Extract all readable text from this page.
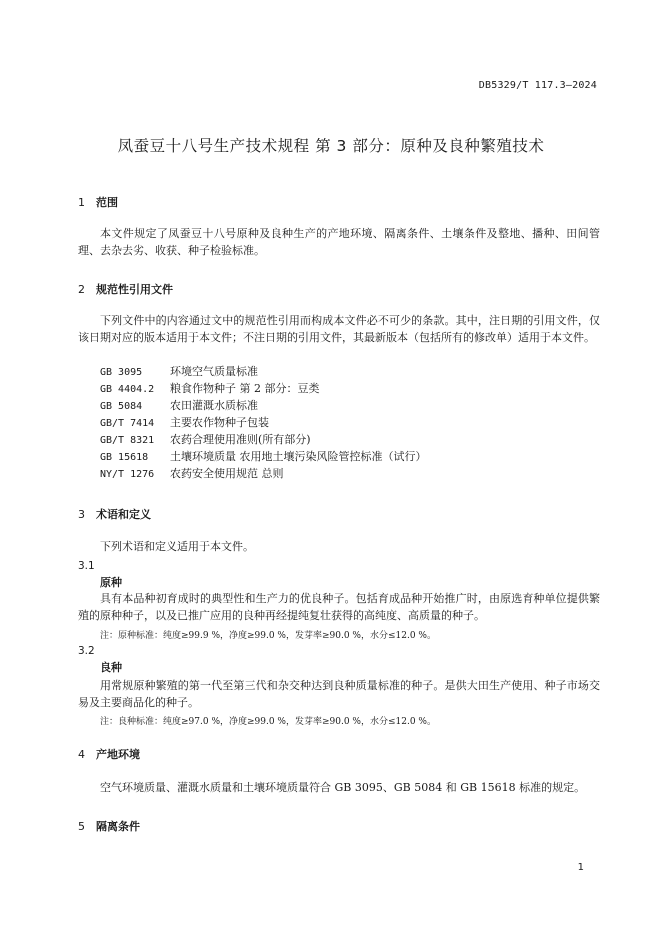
DB5329/T 117.3—2024
凤蚕豆十八号生产技术规程 第 3 部分：原种及良种繁殖技术
1 范围
本文件规定了凤蚕豆十八号原种及良种生产的产地环境、隔离条件、土壤条件及整地、播种、田间管理、去杂去劣、收获、种子检验标准。
2 规范性引用文件
下列文件中的内容通过文中的规范性引用而构成本文件必不可少的条款。其中，注日期的引用文件，仅该日期对应的版本适用于本文件；不注日期的引用文件，其最新版本（包括所有的修改单）适用于本文件。
GB 3095	环境空气质量标准
GB 4404.2 粮食作物种子 第 2 部分：豆类
GB 5084	农田灌溉水质标准
GB/T 7414 主要农作物种子包装
GB/T 8321 农药合理使用准则(所有部分)
GB 15618 土壤环境质量 农用地土壤污染风险管控标准（试行）
NY/T 1276 农药安全使用规范 总则
3 术语和定义
下列术语和定义适用于本文件。
3.1
原种
具有本品种初育成时的典型性和生产力的优良种子。包括育成品种开始推广时，由原选育种单位提供繁殖的原种种子，以及已推广应用的良种再经提纯复壮获得的高纯度、高质量的种子。
注：原种标准：纯度≥99.9 %，净度≥99.0 %，发芽率≥90.0 %，水分≤12.0 %。
3.2
良种
用常规原种繁殖的第一代至第三代和杂交种达到良种质量标准的种子。是供大田生产使用、种子市场交易及主要商品化的种子。
注：良种标准：纯度≥97.0 %，净度≥99.0 %，发芽率≥90.0 %，水分≤12.0 %。
4 产地环境
空气环境质量、灌溉水质量和土壤环境质量符合 GB 3095、GB 5084 和 GB 15618 标准的规定。
5 隔离条件
1
